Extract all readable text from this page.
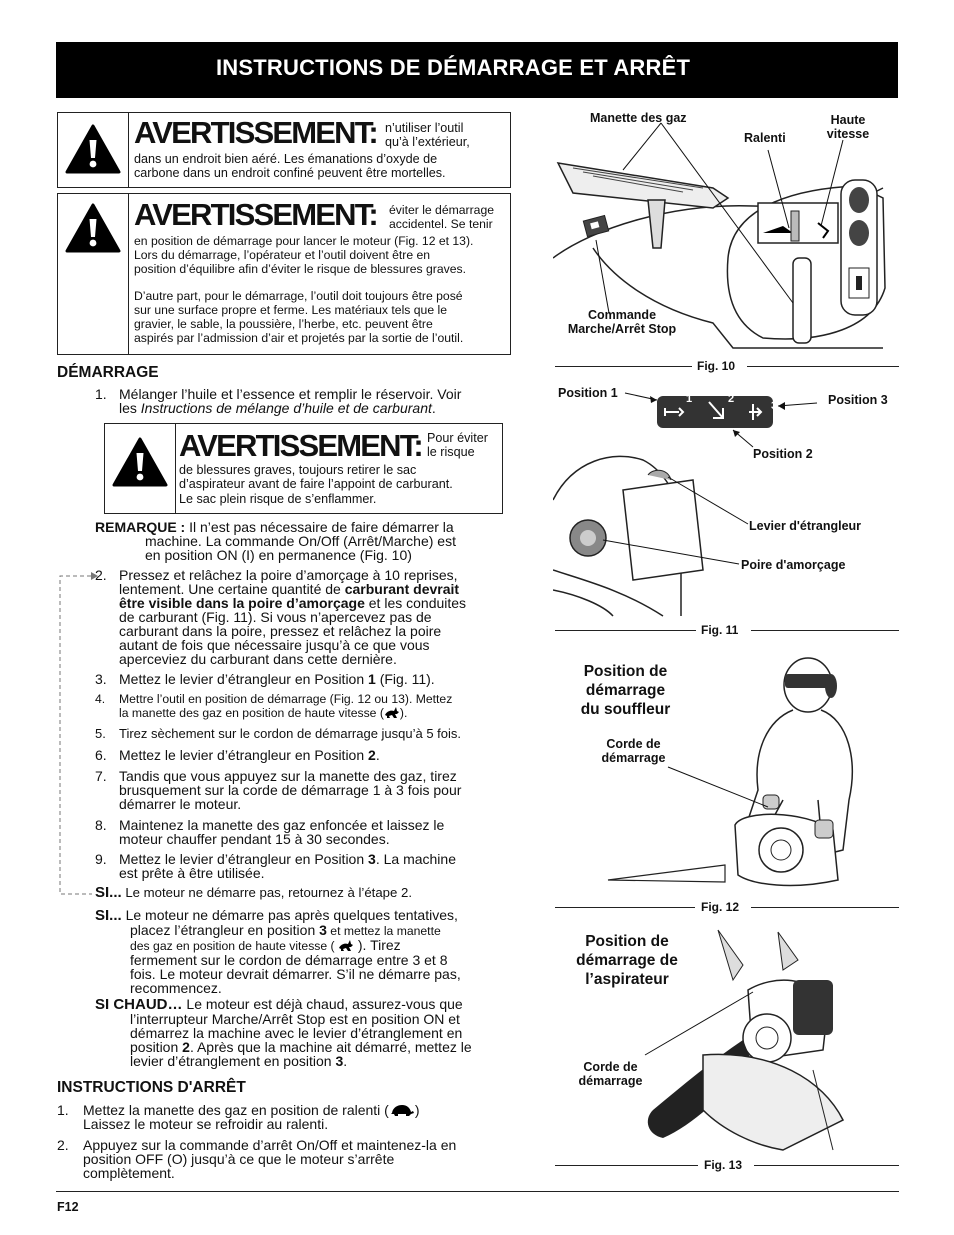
INSTRUCTIONS DE DÉMARRAGE ET ARRÊT
AVERTISSEMENT: n’utiliser l’outil
qu’à l’extérieur,
dans un endroit bien aéré. Les émanations d’oxyde de
carbone dans un endroit confiné peuvent être mortelles.
AVERTISSEMENT: éviter le démarrage
accidentel. Se tenir
en position de démarrage pour lancer le moteur (Fig. 12 et 13).
Lors du démarrage, l’opérateur et l’outil doivent être en
position d’équilibre afin d’éviter le risque de blessures graves.
D’autre part, pour le démarrage, l’outil doit toujours être posé
sur une surface propre et ferme. Les matériaux tels que le
gravier, le sable, la poussière, l’herbe, etc. peuvent être
aspirés par l’admission d’air et projetés par la sortie de l’outil.
DÉMARRAGE
1. Mélanger l’huile et l’essence et remplir le réservoir. Voir
les Instructions de mélange d’huile et de carburant.
AVERTISSEMENT: Pour éviter
le risque
de blessures graves, toujours retirer le sac
d’aspirateur avant de faire l’appoint de carburant.
Le sac plein risque de s’enflammer.
REMARQUE : Il n’est pas nécessaire de faire démarrer la
machine. La commande On/Off (Arrêt/Marche) est
en position ON (I) en permanence (Fig. 10)
2. Pressez et relâchez la poire d’amorçage à 10 reprises,
lentement. Une certaine quantité de carburant devrait
être visible dans la poire d’amorçage et les conduites
de carburant (Fig. 11). Si vous n’apercevez pas de
carburant dans la poire, pressez et relâchez la poire
autant de fois que nécessaire jusqu’à ce que vous
aperceviez du carburant dans cette dernière.
3. Mettez le levier d’étrangleur en Position 1 (Fig. 11).
4. Mettre l’outil en position de démarrage (Fig. 12 ou 13). Mettez
la manette des gaz en position de haute vitesse ( ).
5. Tirez sèchement sur le cordon de démarrage jusqu’à 5 fois.
6. Mettez le levier d’étrangleur en Position 2.
7. Tandis que vous appuyez sur la manette des gaz, tirez
brusquement sur la corde de démarrage 1 à 3 fois pour
démarrer le moteur.
8. Maintenez la manette des gaz enfoncée et laissez le
moteur chauffer pendant 15 à 30 secondes.
9. Mettez le levier d’étrangleur en Position 3. La machine
est prête à être utilisée.
SI... Le moteur ne démarre pas, retournez à l’étape 2.
SI... Le moteur ne démarre pas après quelques tentatives,
placez l’étrangleur en position 3 et mettez la manette
des gaz en position de haute vitesse (  ). Tirez
fermement sur le cordon de démarrage entre 3 et 8
fois. Le moteur devrait démarrer. S’il ne démarre pas,
recommencez.
SI CHAUD… Le moteur est déjà chaud, assurez-vous que
l’interrupteur Marche/Arrêt Stop est en position ON et
démarrez la machine avec le levier d’étranglement en
position 2. Après que la machine ait démarré, mettez le
levier d’étranglement en position 3.
INSTRUCTIONS D'ARRÊT
1. Mettez la manette des gaz en position de ralenti ( )
Laissez le moteur se refroidir au ralenti.
2. Appuyez sur la commande d’arrêt On/Off et maintenez-la en
position OFF (O) jusqu’à ce que le moteur s’arrête
complètement.
Manette des gaz
Ralenti
Haute
vitesse
Commande
Marche/Arrêt Stop
Fig. 10
1	2
3
Position 1	Position 3
Position 2
Levier d'étrangleur
Poire d'amorçage
Fig. 11
Position de
démarrage
du souffleur
Corde de
démarrage
Fig. 12
Position de
démarrage de
l’aspirateur
Corde de
démarrage
Fig. 13
F12
